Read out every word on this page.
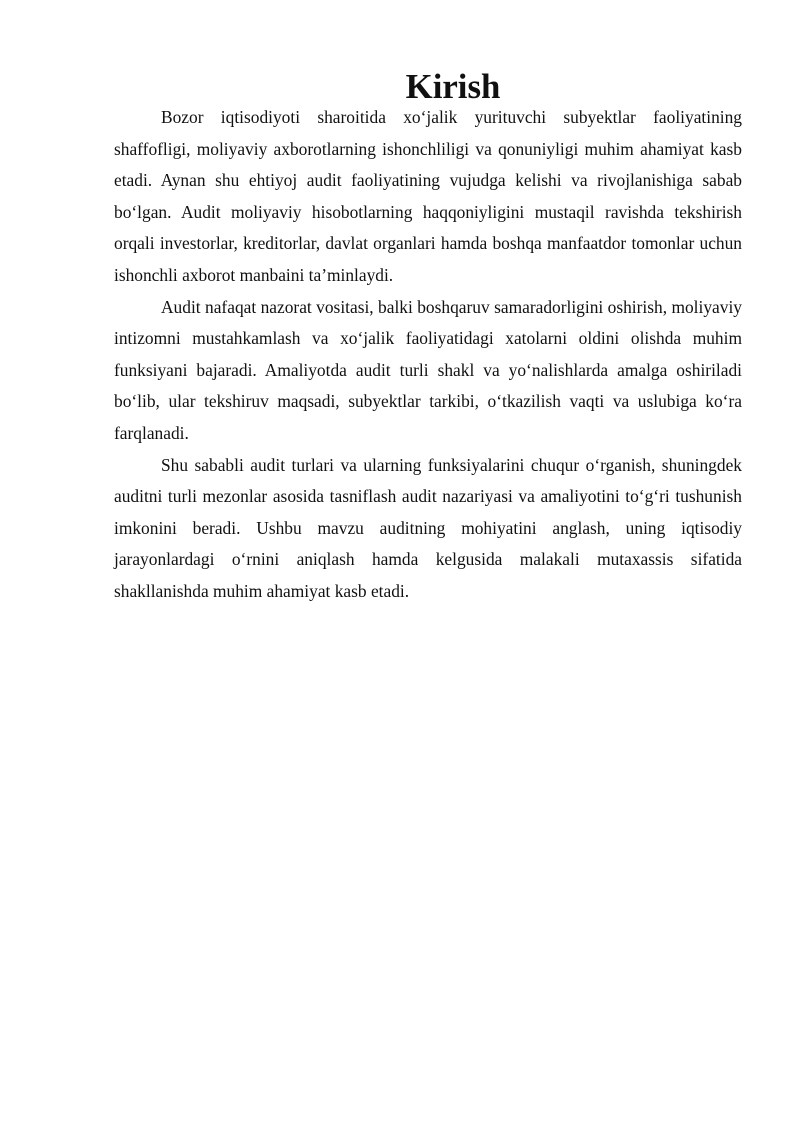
Kirish

Bozor iqtisodiyoti sharoitida xo‘jalik yurituvchi subyektlar faoliyatining shaffofligi, moliyaviy axborotlarning ishonchliligi va qonuniyligi muhim ahamiyat kasb etadi. Aynan shu ehtiyoj audit faoliyatining vujudga kelishi va rivojlanishiga sabab bo‘lgan. Audit moliyaviy hisobotlarning haqqoniyligini mustaqil ravishda tekshirish orqali investorlar, kreditorlar, davlat organlari hamda boshqa manfaatdor tomonlar uchun ishonchli axborot manbaini ta’minlaydi.

Audit nafaqat nazorat vositasi, balki boshqaruv samaradorligini oshirish, moliyaviy intizomni mustahkamlash va xo‘jalik faoliyatidagi xatolarni oldini olishda muhim funksiyani bajaradi. Amaliyotda audit turli shakl va yo‘nalishlarda amalga oshiriladi bo‘lib, ular tekshiruv maqsadi, subyektlar tarkibi, o‘tkazilish vaqti va uslubiga ko‘ra farqlanadi.

Shu sababli audit turlari va ularning funksiyalarini chuqur o‘rganish, shuningdek auditni turli mezonlar asosida tasniflash audit nazariyasi va amaliyotini to‘g‘ri tushunish imkonini beradi. Ushbu mavzu auditning mohiyatini anglash, uning iqtisodiy jarayonlardagi o‘rnini aniqlash hamda kelgusida malakali mutaxassis sifatida shakllanishda muhim ahamiyat kasb etadi.
